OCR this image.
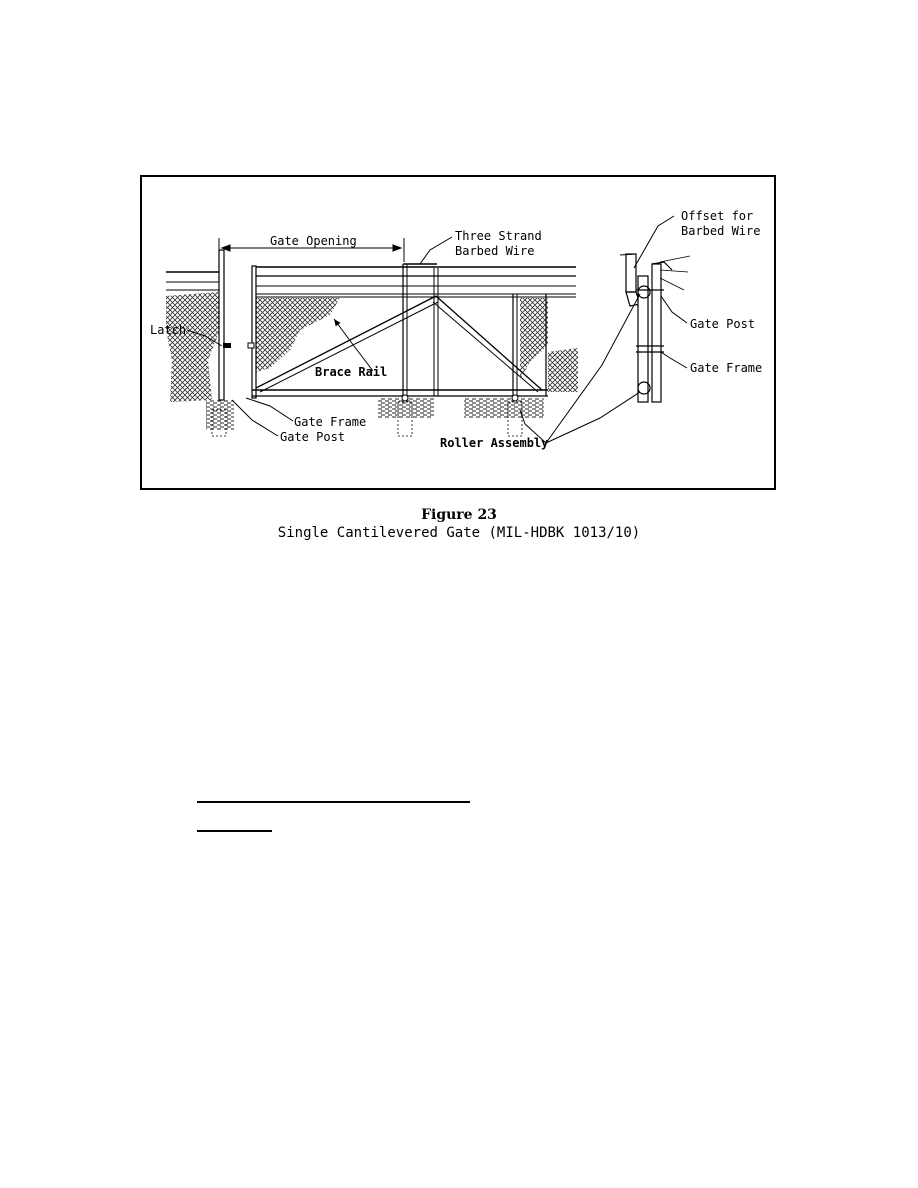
Gate Opening	Three Strand
Barbed Wire
Offset for
Barbed Wire
Latch
Brace Rail
Gate Frame
Gate Post
Gate Post
Gate Frame
Roller Assembly
Figure 23
Single Cantilevered Gate (MIL-HDBK 1013/10)
